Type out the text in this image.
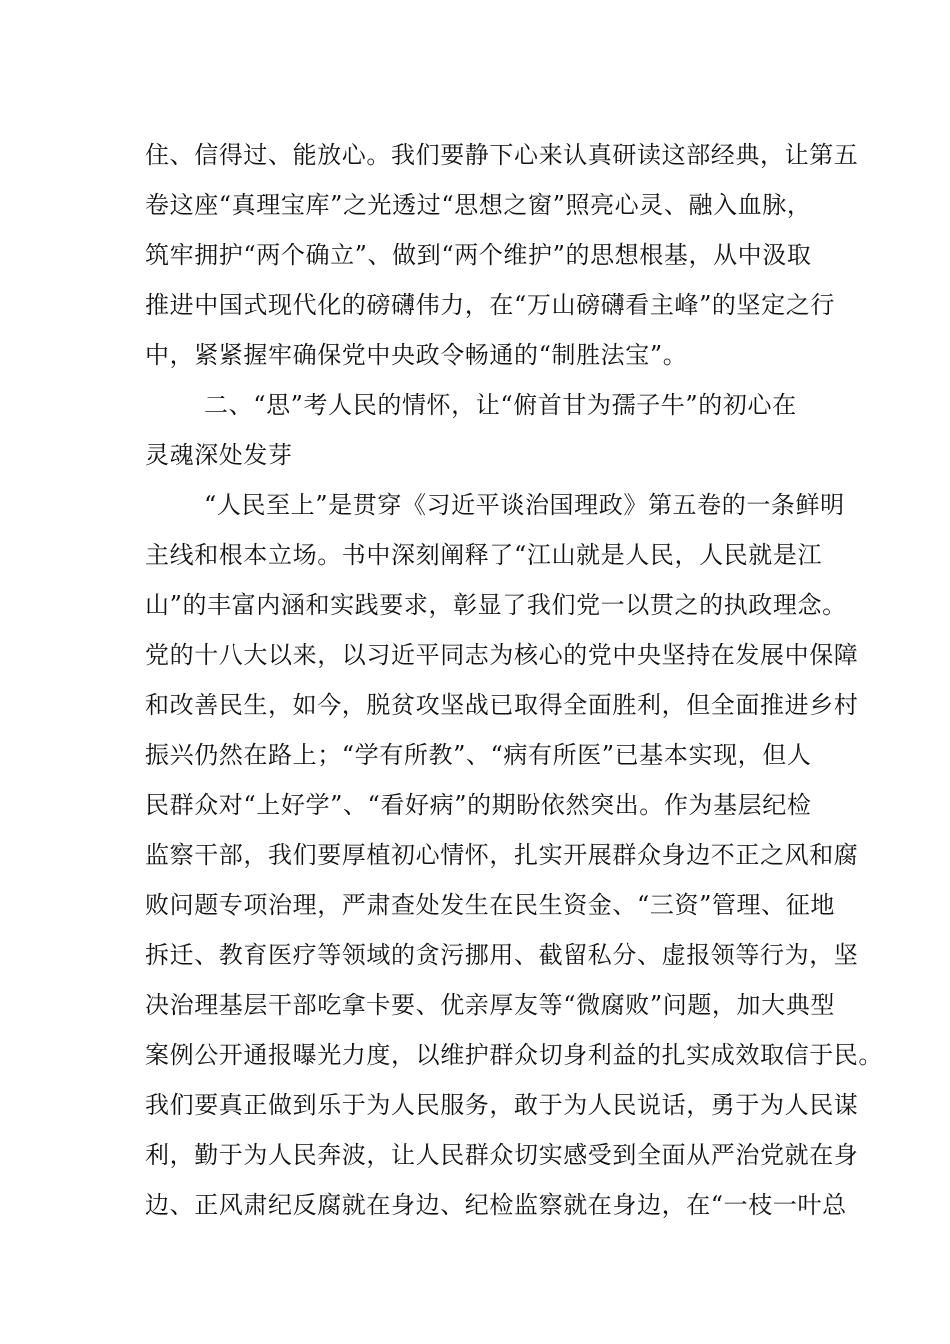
住、信得过、能放心。我们要静下心来认真研读这部经典，让第五
卷这座“真理宝库”之光透过“思想之窗”照亮心灵、融入血脉，
筑牢拥护“两个确立”、做到“两个维护”的思想根基，从中汲取
推进中国式现代化的磅礴伟力，在“万山磅礴看主峰”的坚定之行
中，紧紧握牢确保党中央政令畅通的“制胜法宝”。
二、“思”考人民的情怀，让“俯首甘为孺子牛”的初心在
灵魂深处发芽
“人民至上”是贯穿《习近平谈治国理政》第五卷的一条鲜明
主线和根本立场。书中深刻阐释了“江山就是人民，人民就是江
山”的丰富内涵和实践要求，彰显了我们党一以贯之的执政理念。
党的十八大以来，以习近平同志为核心的党中央坚持在发展中保障
和改善民生，如今，脱贫攻坚战已取得全面胜利，但全面推进乡村
振兴仍然在路上；“学有所教”、“病有所医”已基本实现，但人
民群众对“上好学”、“看好病”的期盼依然突出。作为基层纪检
监察干部，我们要厚植初心情怀，扎实开展群众身边不正之风和腐
败问题专项治理，严肃查处发生在民生资金、“三资”管理、征地
拆迁、教育医疗等领域的贪污挪用、截留私分、虚报领等行为，坚
决治理基层干部吃拿卡要、优亲厚友等“微腐败”问题，加大典型
案例公开通报曝光力度，以维护群众切身利益的扎实成效取信于民。
我们要真正做到乐于为人民服务，敢于为人民说话，勇于为人民谋
利，勤于为人民奔波，让人民群众切实感受到全面从严治党就在身
边、正风肃纪反腐就在身边、纪检监察就在身边，在“一枝一叶总
